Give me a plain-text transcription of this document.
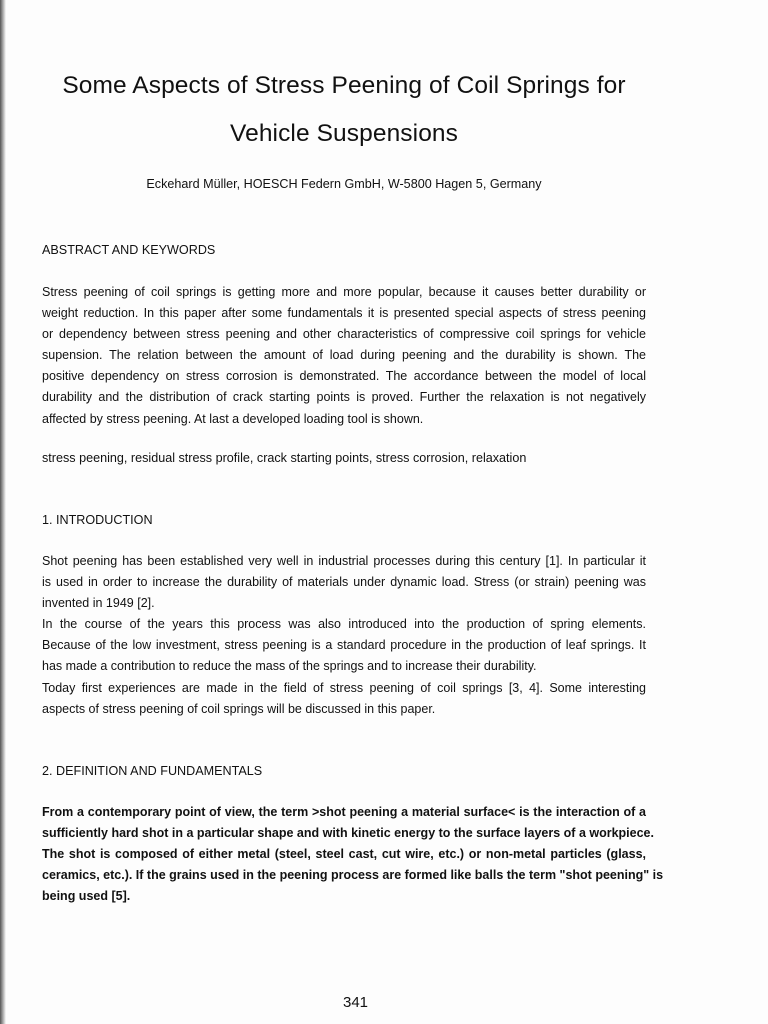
Some Aspects of Stress Peening of Coil Springs for
Vehicle Suspensions

Eckehard Müller, HOESCH Federn GmbH, W-5800 Hagen 5, Germany

ABSTRACT AND KEYWORDS
Stress peening of coil springs is getting more and more popular, because it causes better durability or
weight reduction. In this paper after some fundamentals it is presented special aspects of stress peening
or dependency between stress peening and other characteristics of compressive coil springs for vehicle
supension. The relation between the amount of load during peening and the durability is shown. The
positive dependency on stress corrosion is demonstrated. The accordance between the model of local
durability and the distribution of crack starting points is proved. Further the relaxation is not negatively
affected by stress peening. At last a developed loading tool is shown.

stress peening, residual stress profile, crack starting points, stress corrosion, relaxation

1. INTRODUCTION
Shot peening has been established very well in industrial processes during this century [1]. In particular it
is used in order to increase the durability of materials under dynamic load. Stress (or strain) peening was
invented in 1949 [2].
In the course of the years this process was also introduced into the production of spring elements.
Because of the low investment, stress peening is a standard procedure in the production of leaf springs. It
has made a contribution to reduce the mass of the springs and to increase their durability.
Today first experiences are made in the field of stress peening of coil springs [3, 4]. Some interesting
aspects of stress peening of coil springs will be discussed in this paper.
2. DEFINITION AND FUNDAMENTALS
From a contemporary point of view, the term >shot peening a material surface< is the interaction of a
sufficiently hard shot in a particular shape and with kinetic energy to the surface layers of a workpiece.
The shot is composed of either metal (steel, steel cast, cut wire, etc.) or non-metal particles (glass,
ceramics, etc.). If the grains used in the peening process are formed like balls the term "shot peening" is
being used [5].

341
